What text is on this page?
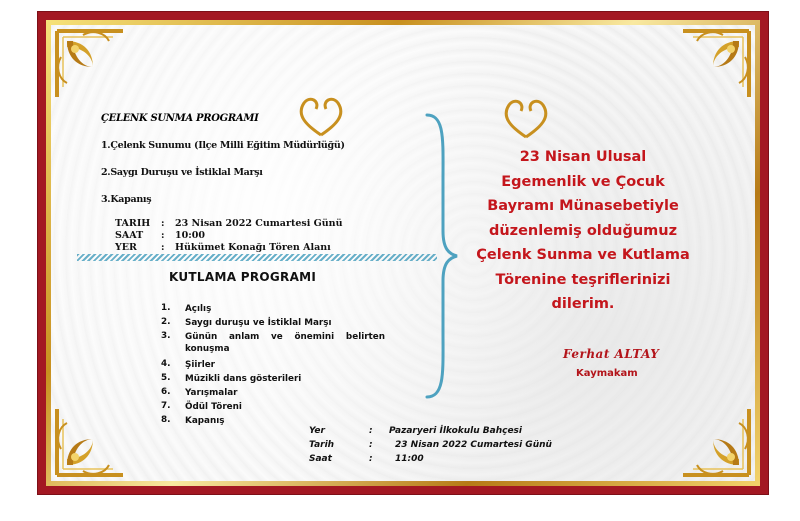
ÇELENK SUNMA PROGRAMI
1.Çelenk Sunumu (Ilçe Milli Eğitim Müdürlüğü)
2.Saygı Duruşu ve İstiklal Marşı
3.Kapanış
TARIH : 23 Nisan 2022 Cumartesi Günü
SAAT : 10:00
YER	: Hükümet Konağı Tören Alanı
KUTLAMA PROGRAMI
1.	Açılış
2.	Saygı duruşu ve İstiklal Marşı
3.	Günün anlam ve önemini belirten konuşma
4.	Şiirler
5.	Müzikli dans gösterileri
6.	Yarışmalar
7.	Ödül Töreni
8.	Kapanış
Yer	: Pazaryeri İlkokulu Bahçesi
Tarih	: 23 Nisan 2022 Cumartesi Günü
Saat	: 11:00
23 Nisan Ulusal
Egemenlik ve Çocuk
Bayramı Münasebetiyle
düzenlemiş olduğumuz
Çelenk Sunma ve Kutlama
Törenine teşriflerinizi
dilerim.
Ferhat ALTAY
Kaymakam
